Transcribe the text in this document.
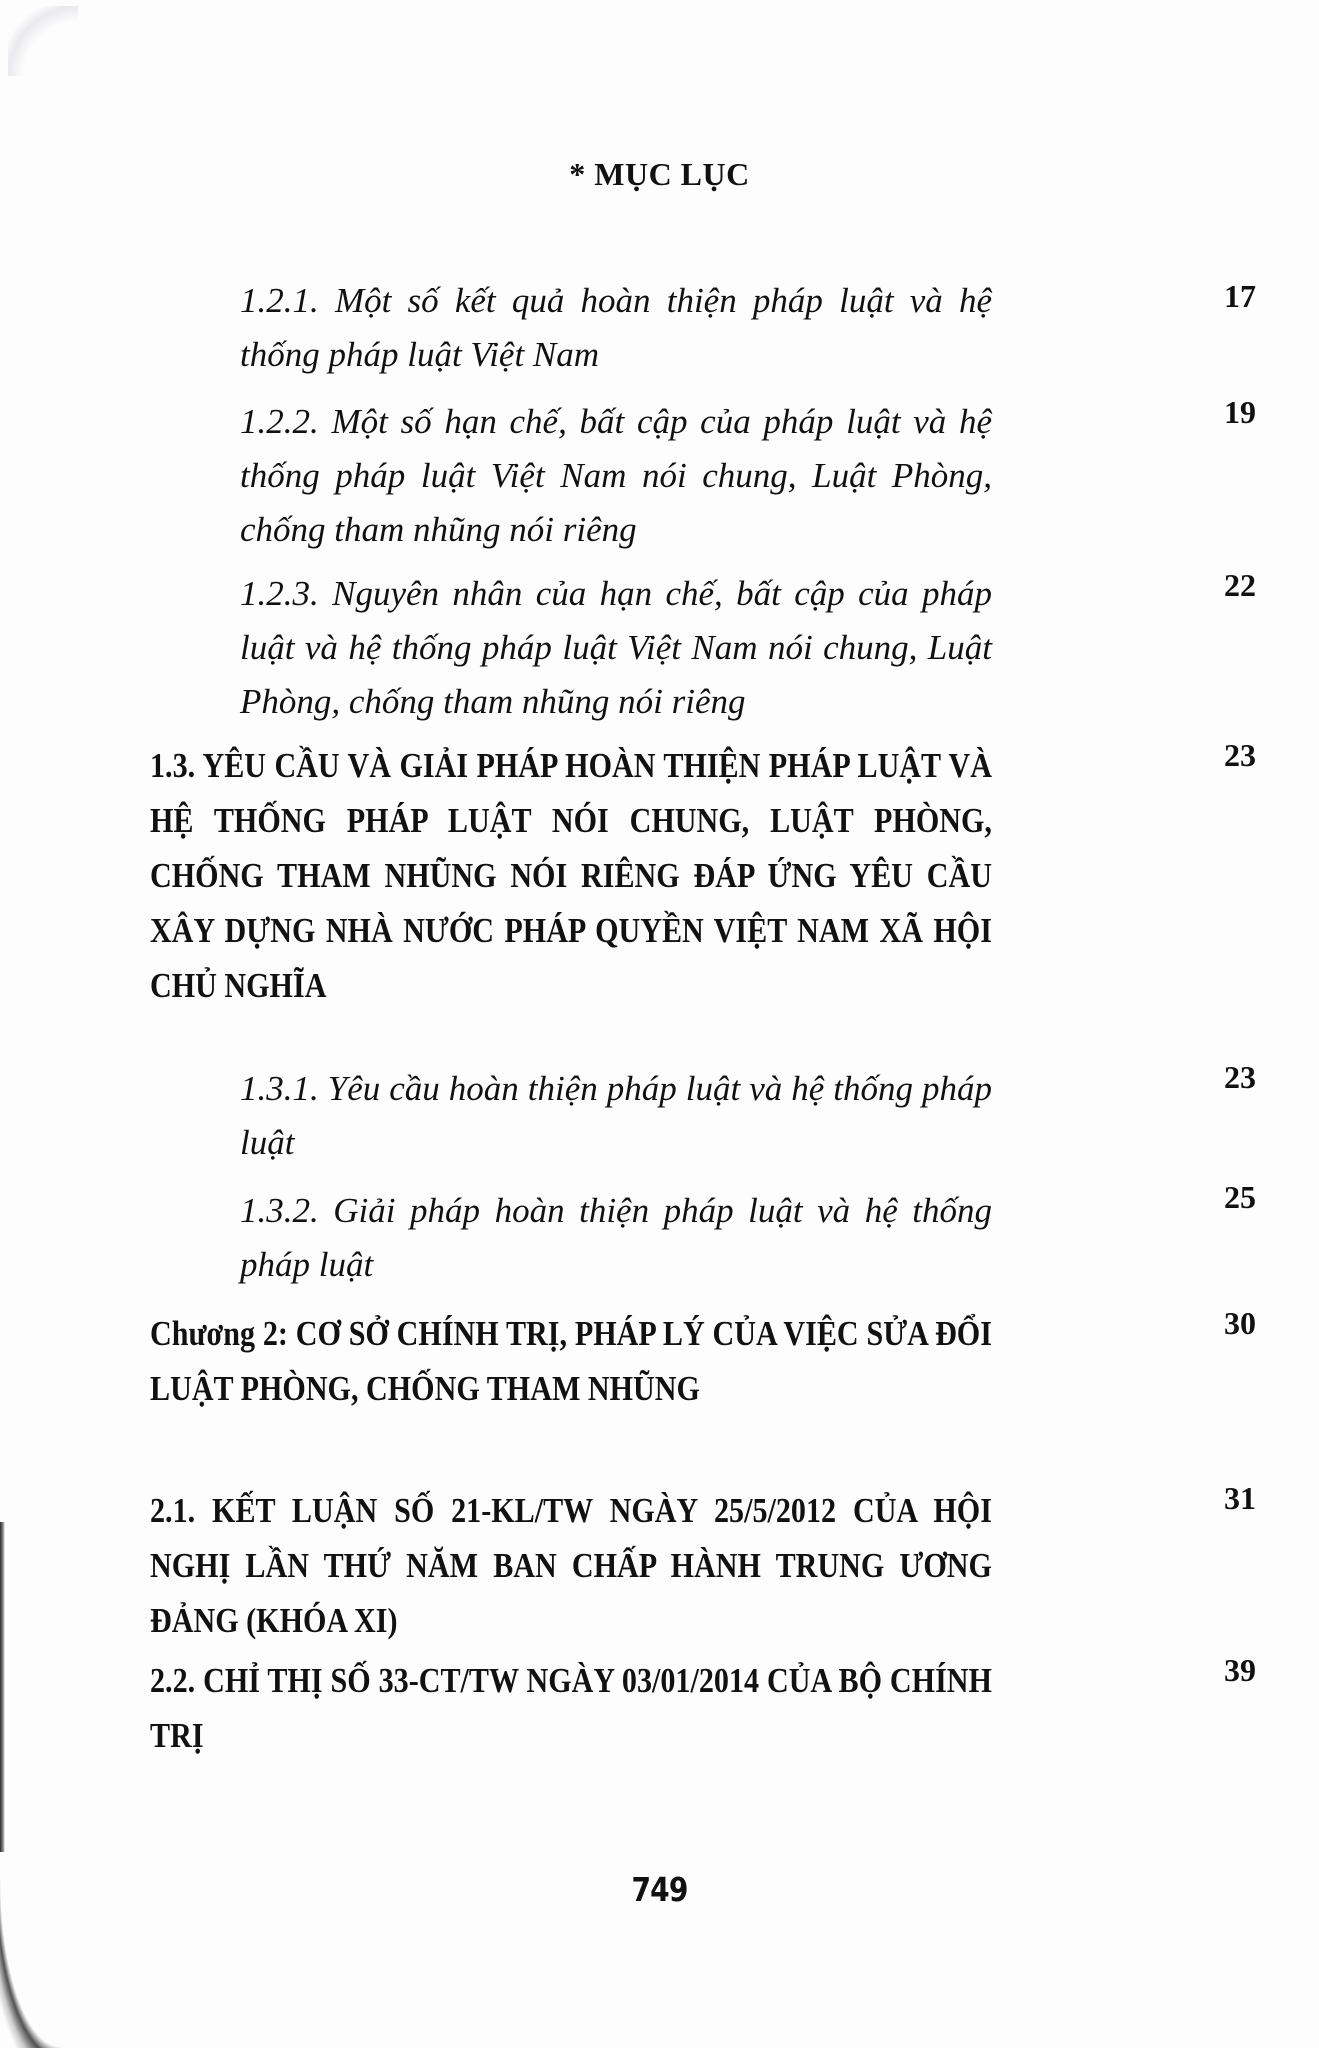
* MỤC LỤC
1.2.1. Một số kết quả hoàn thiện pháp luật và hệ thống pháp luật Việt Nam
17
1.2.2. Một số hạn chế, bất cập của pháp luật và hệ thống pháp luật Việt Nam nói chung, Luật Phòng, chống tham nhũng nói riêng
19
1.2.3. Nguyên nhân của hạn chế, bất cập của pháp luật và hệ thống pháp luật Việt Nam nói chung, Luật Phòng, chống tham nhũng nói riêng
22
1.3. YÊU CẦU VÀ GIẢI PHÁP HOÀN THIỆN PHÁP LUẬT VÀ HỆ THỐNG PHÁP LUẬT NÓI CHUNG, LUẬT PHÒNG, CHỐNG THAM NHŨNG NÓI RIÊNG ĐÁP ỨNG YÊU CẦU XÂY DỰNG NHÀ NƯỚC PHÁP QUYỀN VIỆT NAM XÃ HỘI CHỦ NGHĨA
23
1.3.1. Yêu cầu hoàn thiện pháp luật và hệ thống pháp luật
23
1.3.2. Giải pháp hoàn thiện pháp luật và hệ thống pháp luật
25
Chương 2: CƠ SỞ CHÍNH TRỊ, PHÁP LÝ CỦA VIỆC SỬA ĐỔI LUẬT PHÒNG, CHỐNG THAM NHŨNG
30
2.1. KẾT LUẬN SỐ 21-KL/TW NGÀY 25/5/2012 CỦA HỘI NGHỊ LẦN THỨ NĂM BAN CHẤP HÀNH TRUNG ƯƠNG ĐẢNG (KHÓA XI)
31
2.2. CHỈ THỊ SỐ 33-CT/TW NGÀY 03/01/2014 CỦA BỘ CHÍNH TRỊ
39
749
